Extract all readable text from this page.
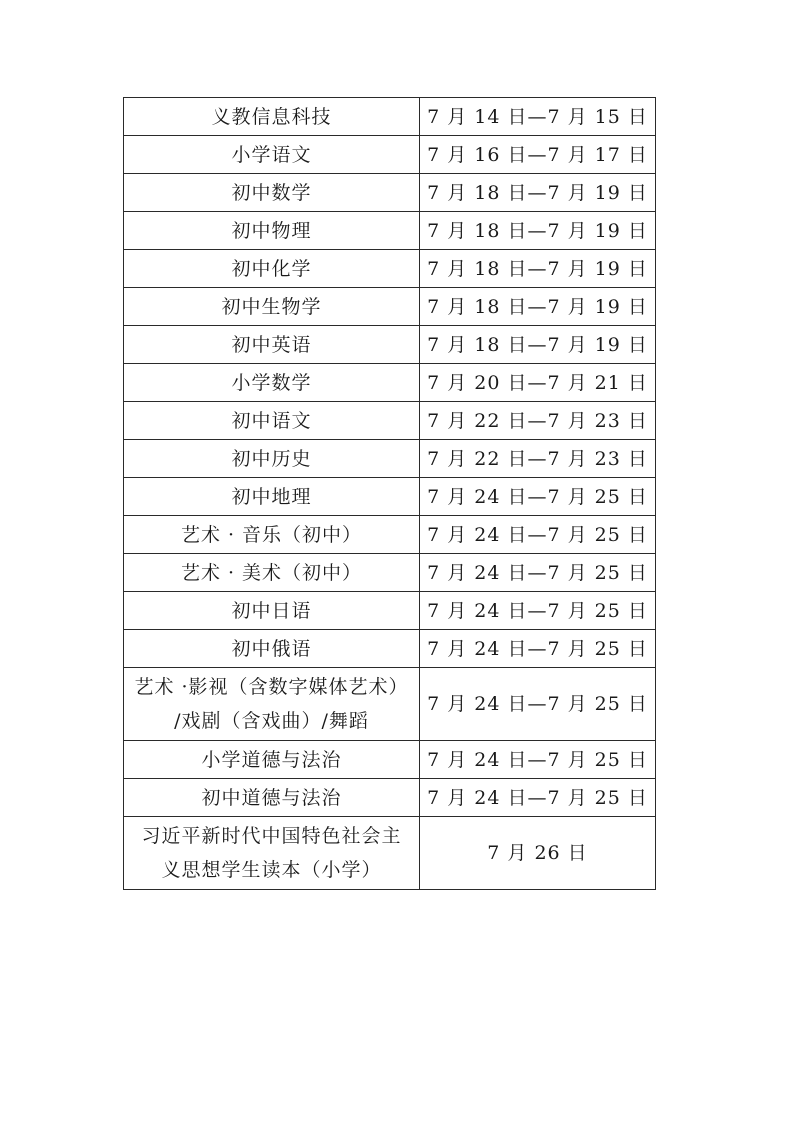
义教信息科技	7 月 14 日—7 月 15 日

小学语文	7 月 16 日—7 月 17 日

初中数学	7 月 18 日—7 月 19 日

初中物理	7 月 18 日—7 月 19 日

初中化学	7 月 18 日—7 月 19 日

初中生物学	7 月 18 日—7 月 19 日

初中英语	7 月 18 日—7 月 19 日

小学数学	7 月 20 日—7 月 21 日

初中语文	7 月 22 日—7 月 23 日

初中历史	7 月 22 日—7 月 23 日

初中地理	7 月 24 日—7 月 25 日

艺术 · 音乐（初中）	7 月 24 日—7 月 25 日

艺术 · 美术（初中）	7 月 24 日—7 月 25 日

初中日语	7 月 24 日—7 月 25 日

初中俄语	7 月 24 日—7 月 25 日

艺术 ·影视（含数字媒体艺术）
/戏剧（含戏曲）/舞蹈	7 月 24 日—7 月 25 日

小学道德与法治	7 月 24 日—7 月 25 日

初中道德与法治	7 月 24 日—7 月 25 日

习近平新时代中国特色社会主
义思想学生读本（小学）	7 月 26 日
